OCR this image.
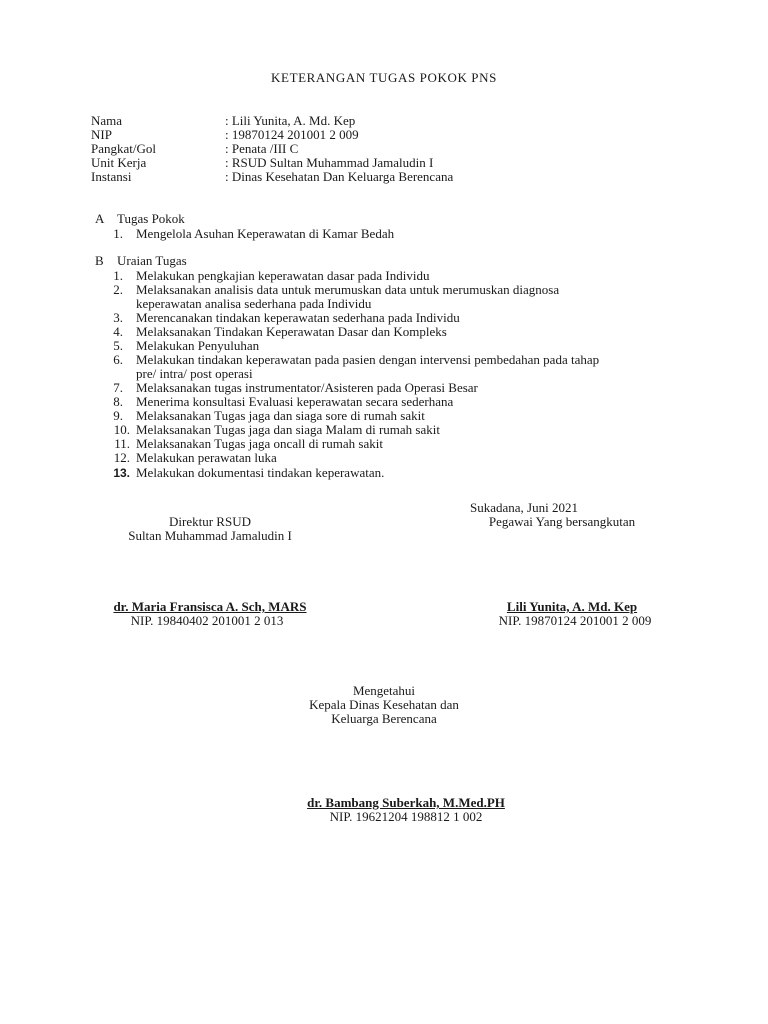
KETERANGAN TUGAS POKOK PNS
Nama	: Lili Yunita, A. Md. Kep
NIP	: 19870124 201001 2 009
Pangkat/Gol	: Penata /III C
Unit Kerja	: RSUD Sultan Muhammad Jamaludin I
Instansi	: Dinas Kesehatan Dan Keluarga Berencana
A Tugas Pokok
1. Mengelola Asuhan Keperawatan di Kamar Bedah
B Uraian Tugas
1. Melakukan pengkajian keperawatan dasar pada Individu
2. Melaksanakan analisis data untuk merumuskan data untuk merumuskan diagnosa
keperawatan analisa sederhana pada Individu
3. Merencanakan tindakan keperawatan sederhana pada Individu
4. Melaksanakan Tindakan Keperawatan Dasar dan Kompleks
5. Melakukan Penyuluhan
6. Melakukan tindakan keperawatan pada pasien dengan intervensi pembedahan pada tahap
pre/ intra/ post operasi
7. Melaksanakan tugas instrumentator/Asisteren pada Operasi Besar
8. Menerima konsultasi Evaluasi keperawatan secara sederhana
9. Melaksanakan Tugas jaga dan siaga sore di rumah sakit
10. Melaksanakan Tugas jaga dan siaga Malam di rumah sakit
11. Melaksanakan Tugas jaga oncall di rumah sakit
12. Melakukan perawatan luka
13. Melakukan dokumentasi tindakan keperawatan.
Sukadana, Juni 2021
Direktur RSUD
Sultan Muhammad Jamaludin I
Pegawai Yang bersangkutan
dr. Maria Fransisca A. Sch, MARS
NIP. 19840402 201001 2 013
Lili Yunita, A. Md. Kep
NIP. 19870124 201001 2 009
Mengetahui
Kepala Dinas Kesehatan dan
Keluarga Berencana
dr. Bambang Suberkah, M.Med.PH
NIP. 19621204 198812 1 002
